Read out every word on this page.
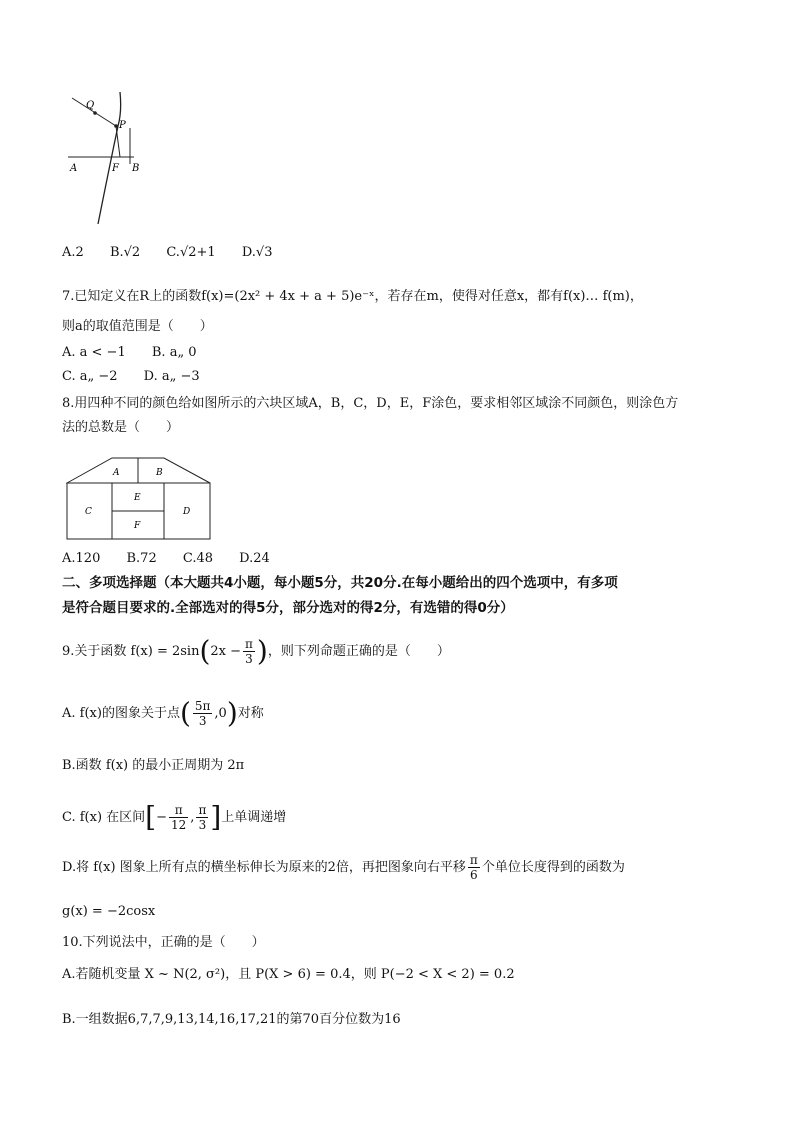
Q
P
A	F B
A.2 B.√2 C.√2+1 D.√3
7.已知定义在R上的函数f(x)=(2x² + 4x + a + 5)e⁻ˣ，若存在m，使得对任意x，都有f(x)… f(m)，
则a的取值范围是（　　）
A. a < −1 B. a„ 0
C. a„ −2 D. a„ −3
8.用四种不同的颜色给如图所示的六块区域A，B，C，D，E，F涂色，要求相邻区域涂不同颜色，则涂色方
法的总数是（　　）
A	B
C	D
E
F
A.120 B.72 C.48 D.24
二、多项选择题（本大题共4小题，每小题5分，共20分.在每小题给出的四个选项中，有多项
是符合题目要求的.全部选对的得5分，部分选对的得2分，有选错的得0分）
9.关于函数 $f(x) = 2\sin(2x - \frac{\pi}{3}$ )，则下列命题正确的是（　　）
A. f(x)的图象关于点( $\frac{5\pi}{3} ,0$)对称
B.函数 f(x) 的最小正周期为 2π
C. f(x) 在区间[− $\frac{\pi}{12}$ , $\frac{\pi}{3}$ ]上单调递增
D.将 f(x) 图象上所有点的横坐标伸长为原来的2倍，再把图象向右平移 $\frac{\pi}{6}$ 个单位长度得到的函数为
g(x) = −2cosx
10.下列说法中，正确的是（　　）
A.若随机变量 X ~ N(2, σ²)，且 P(X > 6) = 0.4，则 P(−2 < X < 2) = 0.2
B.一组数据6,7,7,9,13,14,16,17,21的第70百分位数为16
